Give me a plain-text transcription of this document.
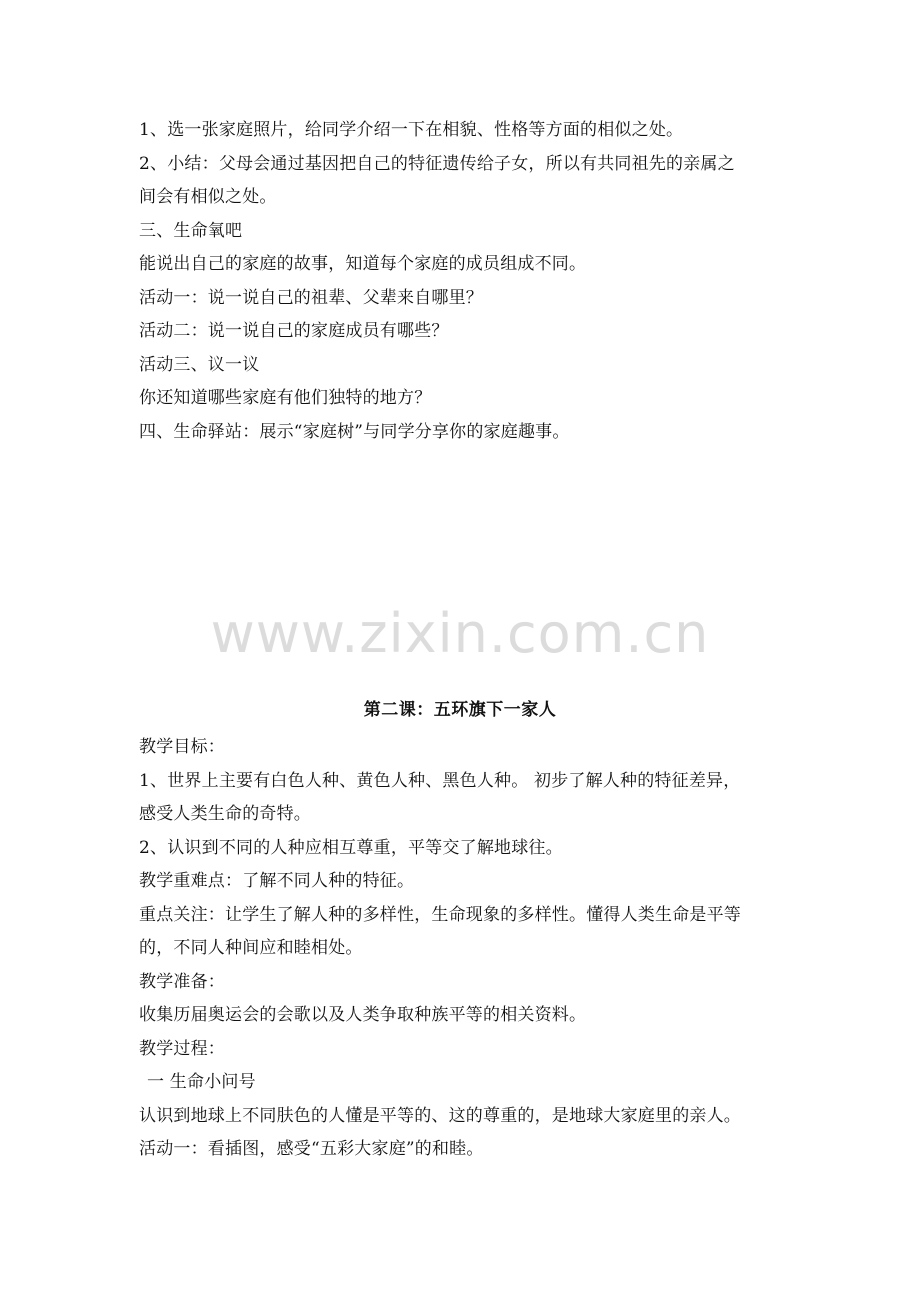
1、选一张家庭照片，给同学介绍一下在相貌、性格等方面的相似之处。
2、小结：父母会通过基因把自己的特征遗传给子女，所以有共同祖先的亲属之
间会有相似之处。
三、生命氧吧
能说出自己的家庭的故事，知道每个家庭的成员组成不同。
活动一：说一说自己的祖辈、父辈来自哪里？
活动二：说一说自己的家庭成员有哪些？
活动三、议一议
你还知道哪些家庭有他们独特的地方？
四、生命驿站：展示“家庭树”与同学分享你的家庭趣事。
www.zixin.com.cn
第二课：五环旗下一家人
教学目标：
1、世界上主要有白色人种、黄色人种、黑色人种。 初步了解人种的特征差异，
感受人类生命的奇特。
2、认识到不同的人种应相互尊重，平等交了解地球往。
教学重难点：了解不同人种的特征。
重点关注：让学生了解人种的多样性，生命现象的多样性。懂得人类生命是平等
的，不同人种间应和睦相处。
教学准备：
收集历届奥运会的会歌以及人类争取种族平等的相关资料。
教学过程：
一 生命小问号
认识到地球上不同肤色的人懂是平等的、这的尊重的，是地球大家庭里的亲人。
活动一：看插图，感受“五彩大家庭”的和睦。
